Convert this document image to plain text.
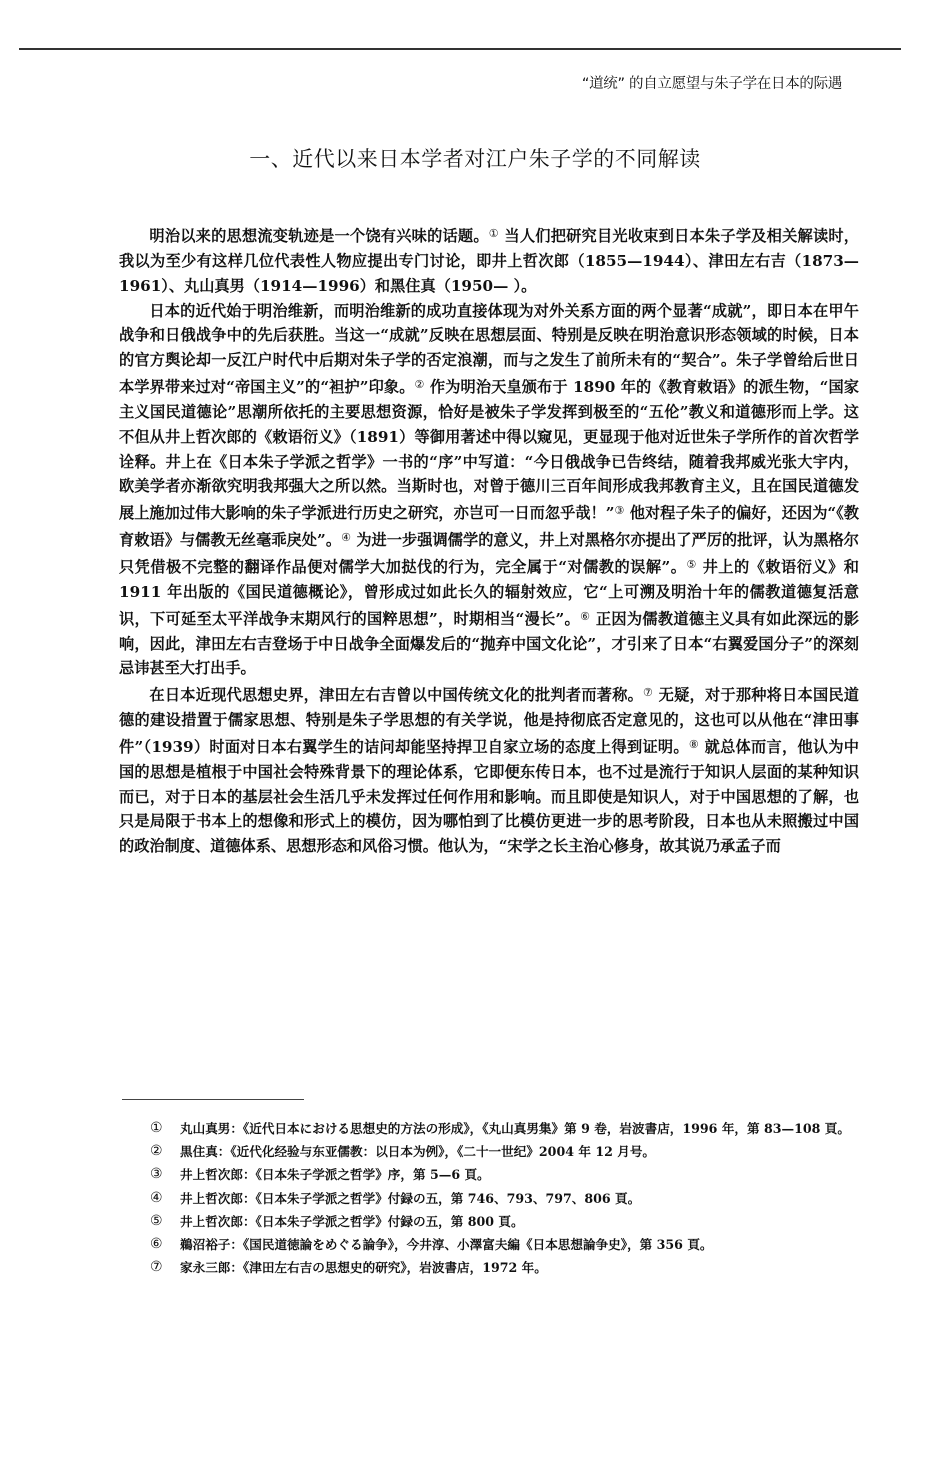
“道统” 的自立愿望与朱子学在日本的际遇
一、近代以来日本学者对江户朱子学的不同解读

明治以来的思想流变轨迹是一个饶有兴味的话题。① 当人们把研究目光收束到日本朱子学及相关解读时，我以为至少有这样几位代表性人物应提出专门讨论，即井上哲次郎（1855—1944）、津田左右吉（1873—1961）、丸山真男（1914—1996）和黑住真（1950— ）。

日本的近代始于明治维新，而明治维新的成功直接体现为对外关系方面的两个显著“成就”，即日本在甲午战争和日俄战争中的先后获胜。当这一“成就”反映在思想层面、特别是反映在明治意识形态领域的时候，日本的官方舆论却一反江户时代中后期对朱子学的否定浪潮，而与之发生了前所未有的“契合”。朱子学曾给后世日本学界带来过对“帝国主义”的“袒护”印象。② 作为明治天皇颁布于 1890 年的《教育敕语》的派生物，“国家主义国民道德论”思潮所依托的主要思想资源，恰好是被朱子学发挥到极至的“五伦”教义和道德形而上学。这不但从井上哲次郎的《敕语衍义》（1891）等御用著述中得以窥见，更显现于他对近世朱子学所作的首次哲学诠释。井上在《日本朱子学派之哲学》一书的“序”中写道：“今日俄战争已告终结，随着我邦威光张大宇内，欧美学者亦渐欲究明我邦强大之所以然。当斯时也，对曾于德川三百年间形成我邦教育主义，且在国民道德发展上施加过伟大影响的朱子学派进行历史之研究，亦岂可一日而忽乎哉！”③ 他对程子朱子的偏好，还因为“《教育敕语》与儒教无丝毫乖戾处”。④ 为进一步强调儒学的意义，井上对黑格尔亦提出了严厉的批评，认为黑格尔只凭借极不完整的翻译作品便对儒学大加挞伐的行为，完全属于“对儒教的误解”。⑤ 井上的《敕语衍义》和 1911 年出版的《国民道德概论》，曾形成过如此长久的辐射效应，它“上可溯及明治十年的儒教道德复活意识，下可延至太平洋战争末期风行的国粹思想”，时期相当“漫长”。⑥ 正因为儒教道德主义具有如此深远的影响，因此，津田左右吉登场于中日战争全面爆发后的“抛弃中国文化论”，才引来了日本“右翼爱国分子”的深刻忌讳甚至大打出手。

在日本近现代思想史界，津田左右吉曾以中国传统文化的批判者而著称。⑦ 无疑，对于那种将日本国民道德的建设措置于儒家思想、特别是朱子学思想的有关学说，他是持彻底否定意见的，这也可以从他在“津田事件”（1939）时面对日本右翼学生的诘问却能坚持捍卫自家立场的态度上得到证明。⑧ 就总体而言，他认为中国的思想是植根于中国社会特殊背景下的理论体系，它即便东传日本，也不过是流行于知识人层面的某种知识而已，对于日本的基层社会生活几乎未发挥过任何作用和影响。而且即使是知识人，对于中国思想的了解，也只是局限于书本上的想像和形式上的模仿，因为哪怕到了比模仿更进一步的思考阶段，日本也从未照搬过中国的政治制度、道德体系、思想形态和风俗习惯。他认为，“宋学之长主治心修身，故其说乃承孟子而

①	丸山真男：《近代日本における思想史的方法の形成》，《丸山真男集》第 9 卷，岩波書店，1996 年，第 83—108 頁。
②	黒住真：《近代化经验与东亚儒教：以日本为例》，《二十一世纪》2004 年 12 月号。
③	井上哲次郎：《日本朱子学派之哲学》序，第 5—6 頁。
④	井上哲次郎：《日本朱子学派之哲学》付録の五，第 746、793、797、806 頁。
⑤	井上哲次郎：《日本朱子学派之哲学》付録の五，第 800 頁。
⑥	鵜沼裕子：《国民道徳論をめぐる論争》，今井淳、小澤富夫編《日本思想論争史》，第 356 頁。
⑦	家永三郎：《津田左右吉の思想史的研究》，岩波書店，1972 年。
